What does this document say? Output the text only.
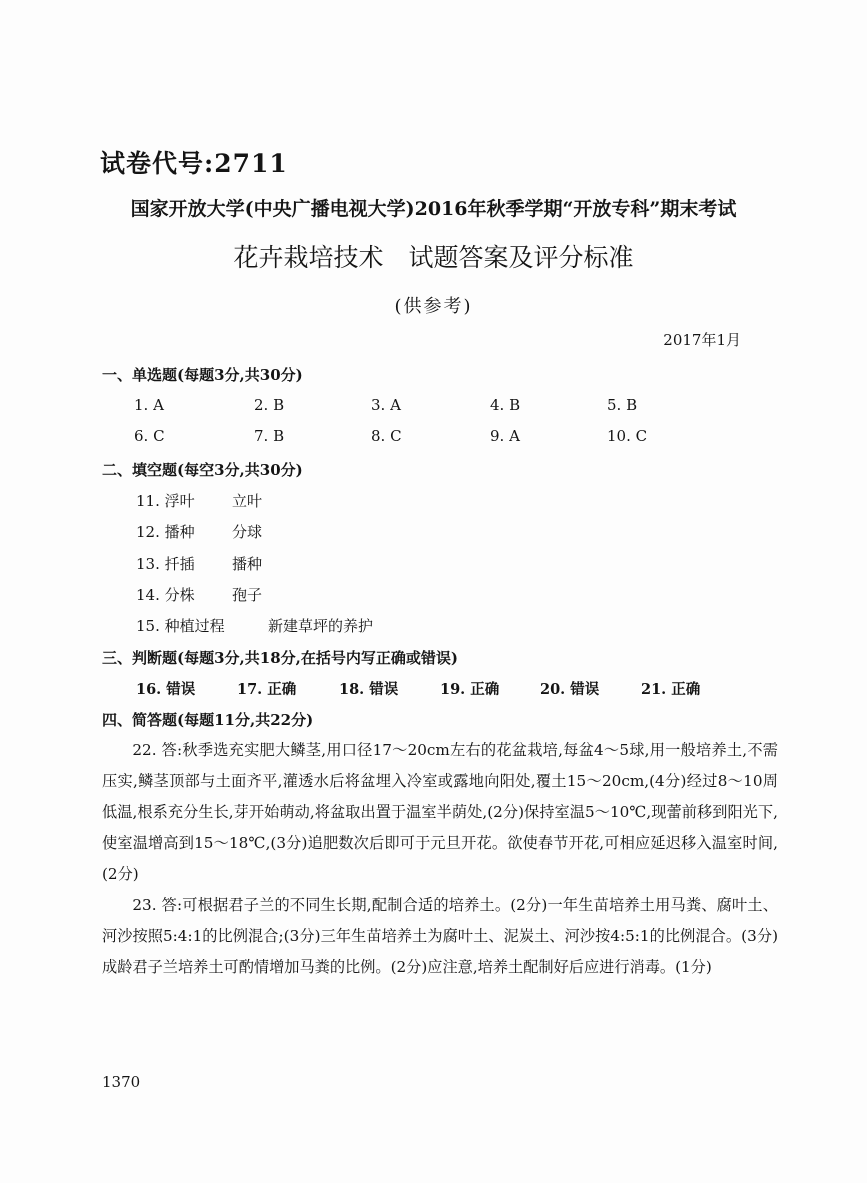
试卷代号:2711
国家开放大学(中央广播电视大学)2016年秋季学期“开放专科”期末考试
花卉栽培技术　试题答案及评分标准
(供参考)
2017年1月
一、单选题(每题3分,共30分)
1. A	2. B	3. A	4. B	5. B
6. C	7. B	8. C	9. A	10. C
二、填空题(每空3分,共30分)
11. 浮叶 立叶
12. 播种 分球
13. 扦插 播种
14. 分株 孢子
15. 种植过程	新建草坪的养护
三、判断题(每题3分,共18分,在括号内写正确或错误)
16. 错误	17. 正确	18. 错误	19. 正确	20. 错误	21. 正确
四、简答题(每题11分,共22分)

22. 答:秋季选充实肥大鳞茎,用口径17～20cm左右的花盆栽培,每盆4～5球,用一般培养土,不需压实,鳞茎顶部与土面齐平,灌透水后将盆埋入冷室或露地向阳处,覆土15～20cm,(4分)经过8～10周低温,根系充分生长,芽开始萌动,将盆取出置于温室半荫处,(2分)保持室温5～10℃,现蕾前移到阳光下,使室温增高到15～18℃,(3分)追肥数次后即可于元旦开花。欲使春节开花,可相应延迟移入温室时间,(2分)

23. 答:可根据君子兰的不同生长期,配制合适的培养土。(2分)一年生苗培养土用马粪、腐叶土、河沙按照5:4:1的比例混合;(3分)三年生苗培养土为腐叶土、泥炭土、河沙按4:5:1的比例混合。(3分)成龄君子兰培养土可酌情增加马粪的比例。(2分)应注意,培养土配制好后应进行消毒。(1分)

1370
